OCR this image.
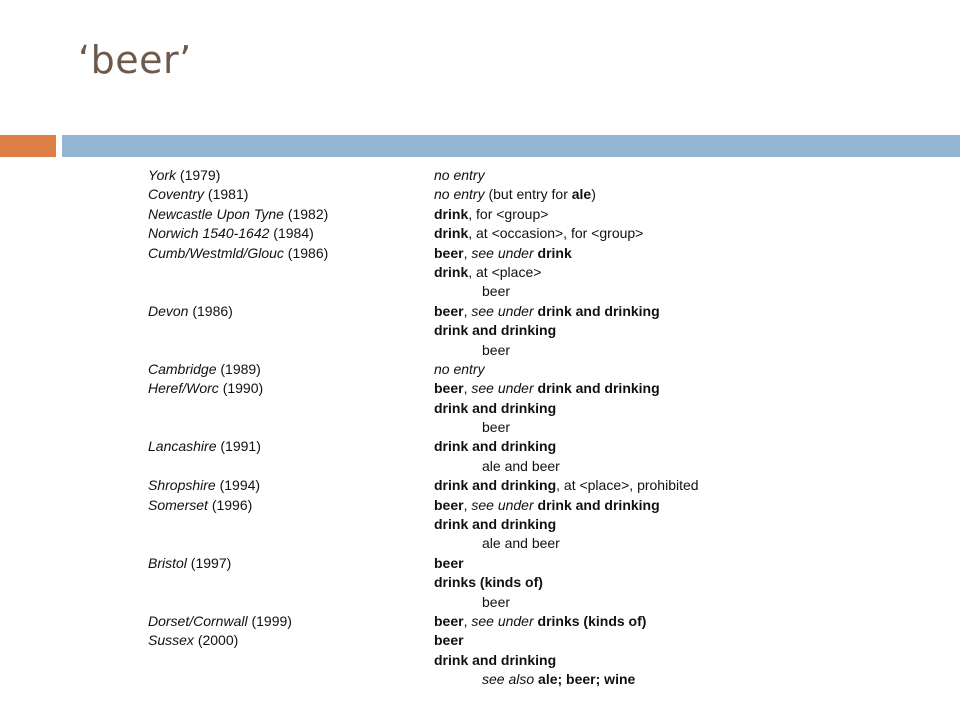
‘beer’
York (1979)	no entry
Coventry (1981)	no entry (but entry for ale)
Newcastle Upon Tyne (1982)	drink, for <group>
Norwich 1540-1642 (1984)	drink, at <occasion>, for <group>
Cumb/Westmld/Glouc (1986)	beer, see under drink
drink, at <place>
beer
Devon (1986)	beer, see under drink and drinking
drink and drinking
beer
Cambridge (1989)	no entry
Heref/Worc (1990)	beer, see under drink and drinking
drink and drinking
beer
Lancashire (1991)	drink and drinking
ale and beer
Shropshire (1994)	drink and drinking, at <place>, prohibited
Somerset (1996)	beer, see under drink and drinking
drink and drinking
ale and beer
Bristol (1997)	beer
drinks (kinds of)
beer
Dorset/Cornwall (1999)	beer, see under drinks (kinds of)
Sussex (2000)	beer
drink and drinking
see also ale; beer; wine
